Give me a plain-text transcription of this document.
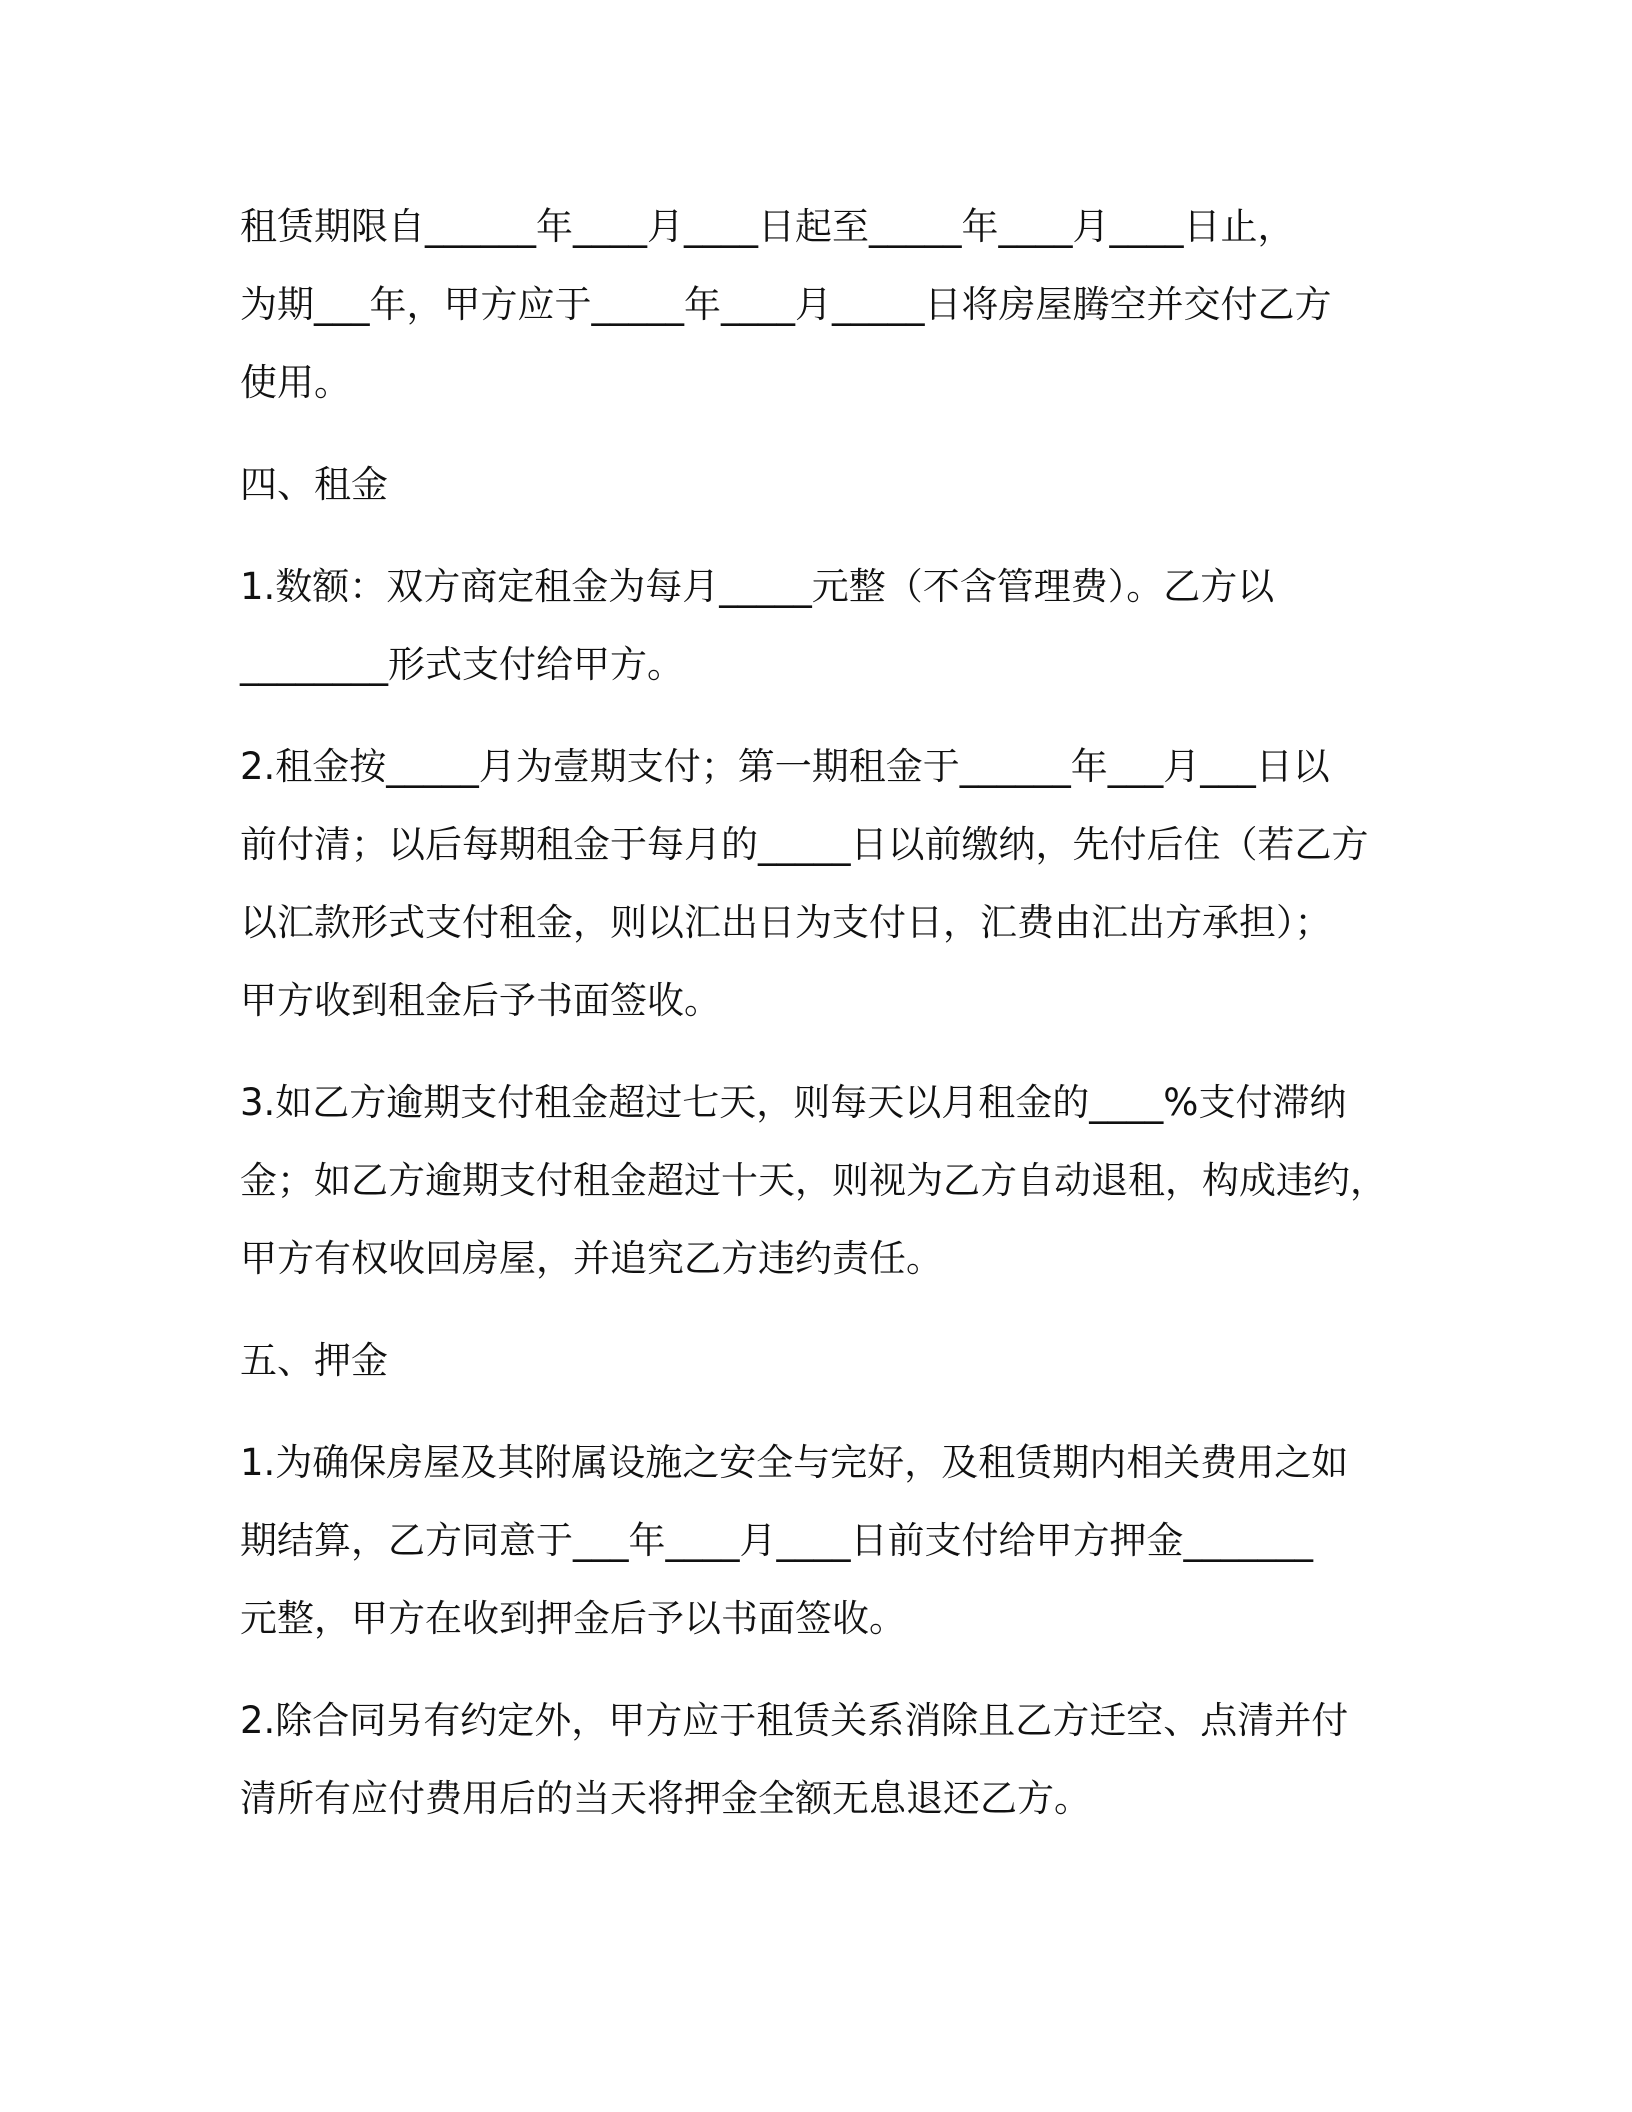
租赁期限自______年____月____日起至_____年____月____日止，
为期___年，甲方应于_____年____月_____日将房屋腾空并交付乙方
使用。
四、租金
1.数额：双方商定租金为每月_____元整（不含管理费）。乙方以
________形式支付给甲方。
2.租金按_____月为壹期支付；第一期租金于______年___月___日以
前付清；以后每期租金于每月的_____日以前缴纳，先付后住（若乙方
以汇款形式支付租金，则以汇出日为支付日，汇费由汇出方承担）；
甲方收到租金后予书面签收。
3.如乙方逾期支付租金超过七天，则每天以月租金的____%支付滞纳
金；如乙方逾期支付租金超过十天，则视为乙方自动退租，构成违约，
甲方有权收回房屋，并追究乙方违约责任。
五、押金
1.为确保房屋及其附属设施之安全与完好，及租赁期内相关费用之如
期结算，乙方同意于___年____月____日前支付给甲方押金_______
元整，甲方在收到押金后予以书面签收。
2.除合同另有约定外，甲方应于租赁关系消除且乙方迁空、点清并付
清所有应付费用后的当天将押金全额无息退还乙方。
